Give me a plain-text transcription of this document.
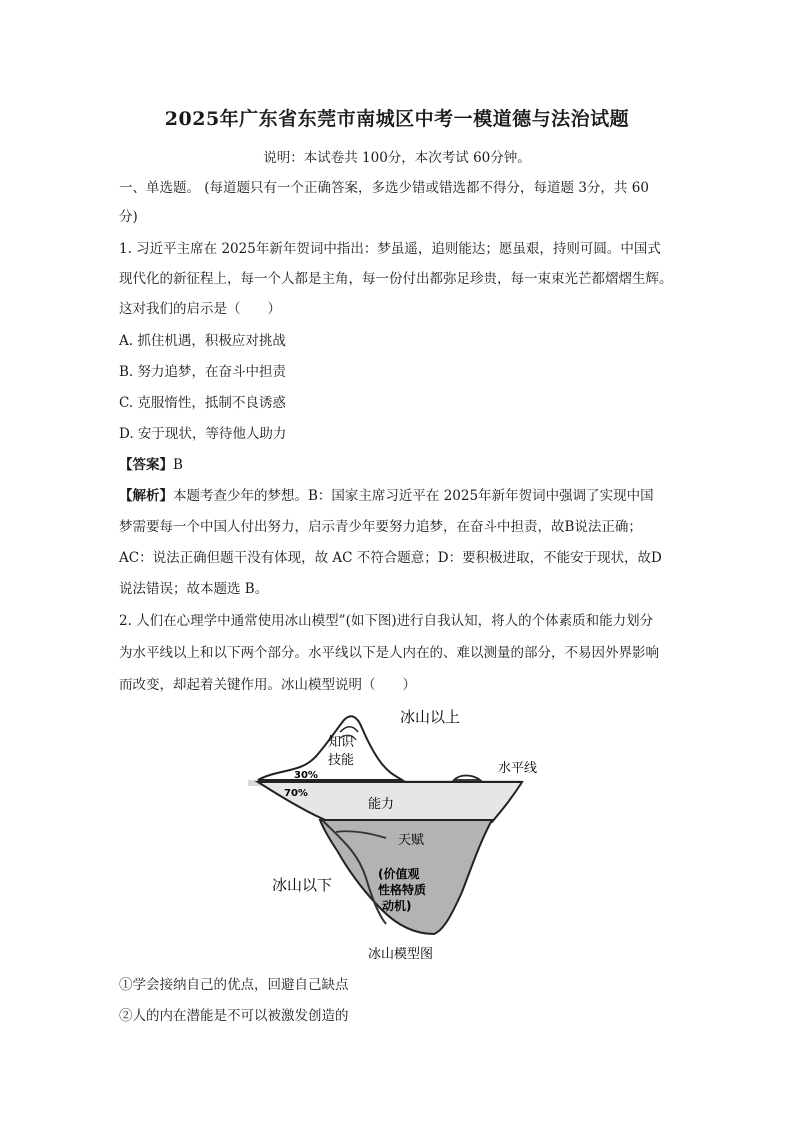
2025年广东省东莞市南城区中考一模道德与法治试题
说明：本试卷共 100分，本次考试 60分钟。
一、单选题。 (每道题只有一个正确答案，多选少错或错选都不得分，每道题 3分，共 60
分)
1. 习近平主席在 2025年新年贺词中指出：梦虽遥，追则能达；愿虽艰，持则可圆。中国式
现代化的新征程上，每一个人都是主角，每一份付出都弥足珍贵，每一束束光芒都熠熠生辉。
这对我们的启示是（　　）
A. 抓住机遇，积极应对挑战
B. 努力追梦，在奋斗中担责
C. 克服惰性，抵制不良诱惑
D. 安于现状，等待他人助力
【答案】B
【解析】本题考查少年的梦想。B：国家主席习近平在 2025年新年贺词中强调了实现中国
梦需要每一个中国人付出努力，启示青少年要努力追梦，在奋斗中担责，故B说法正确；
AC：说法正确但题干没有体现，故 AC 不符合题意；D：要积极进取，不能安于现状，故D
说法错误；故本题选 B。
2. 人们在心理学中通常使用冰山模型”(如下图)进行自我认知，将人的个体素质和能力划分
为水平线以上和以下两个部分。水平线以下是人内在的、难以测量的部分，不易因外界影响
而改变，却起着关键作用。冰山模型说明（　　）
冰山以上
知识
技能
30%	水平线
70%
能力
天赋
冰山以下
(价值观
性格特质
动机)
冰山模型图
①学会接纳自己的优点，回避自己缺点
②人的内在潜能是不可以被激发创造的
